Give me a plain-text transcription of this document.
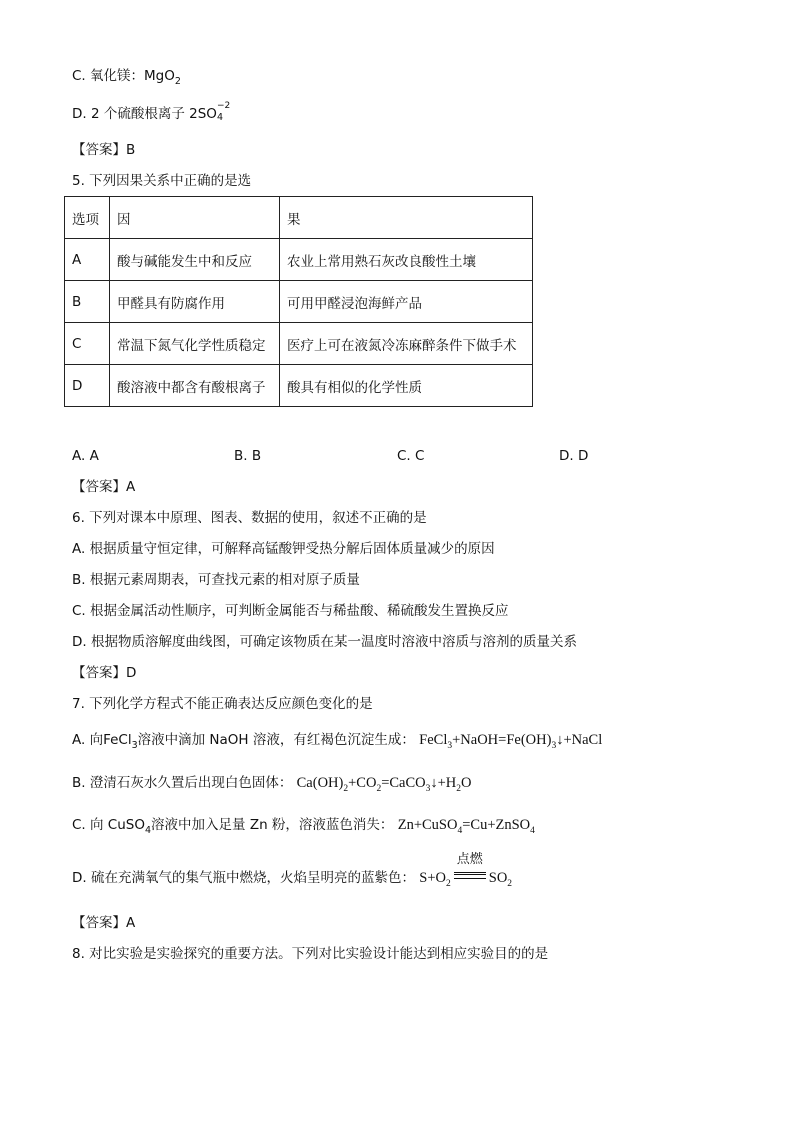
C. 氧化镁：MgO$_2$
D. 2 个硫酸根离子 2SO −2
4
【答案】B
5. 下列因果关系中正确的是选
选项	因	果
A	酸与碱能发生中和反应	农业上常用熟石灰改良酸性土壤
B	甲醛具有防腐作用	可用甲醛浸泡海鲜产品
C	常温下氮气化学性质稳定	医疗上可在液氮冷冻麻醉条件下做手术
D	酸溶液中都含有酸根离子	酸具有相似的化学性质
A. A	B. B	C. C	D. D
【答案】A
6. 下列对课本中原理、图表、数据的使用，叙述不正确的是
A. 根据质量守恒定律，可解释高锰酸钾受热分解后固体质量减少的原因
B. 根据元素周期表，可查找元素的相对原子质量
C. 根据金属活动性顺序，可判断金属能否与稀盐酸、稀硫酸发生置换反应
D. 根据物质溶解度曲线图，可确定该物质在某一温度时溶液中溶质与溶剂的质量关系
【答案】D
7. 下列化学方程式不能正确表达反应颜色变化的是
A. 向FeCl$_3$溶液中滴加 NaOH 溶液，有红褐色沉淀生成： $FeCl_3+NaOH=Fe(OH)_3↓+NaCl$
B. 澄清石灰水久置后出现白色固体： $Ca(OH)_2+CO_2=CaCO_3↓+H_2O$
C. 向 CuSO$_4$溶液中加入足量 Zn 粉，溶液蓝色消失： Zn+CuSO$_4$=Cu+ZnSO$_4$
D. 硫在充满氧气的集气瓶中燃烧，火焰呈明亮的蓝紫色： $S+O_2$
点燃
$SO_2$
【答案】A
8. 对比实验是实验探究的重要方法。下列对比实验设计能达到相应实验目的的是
